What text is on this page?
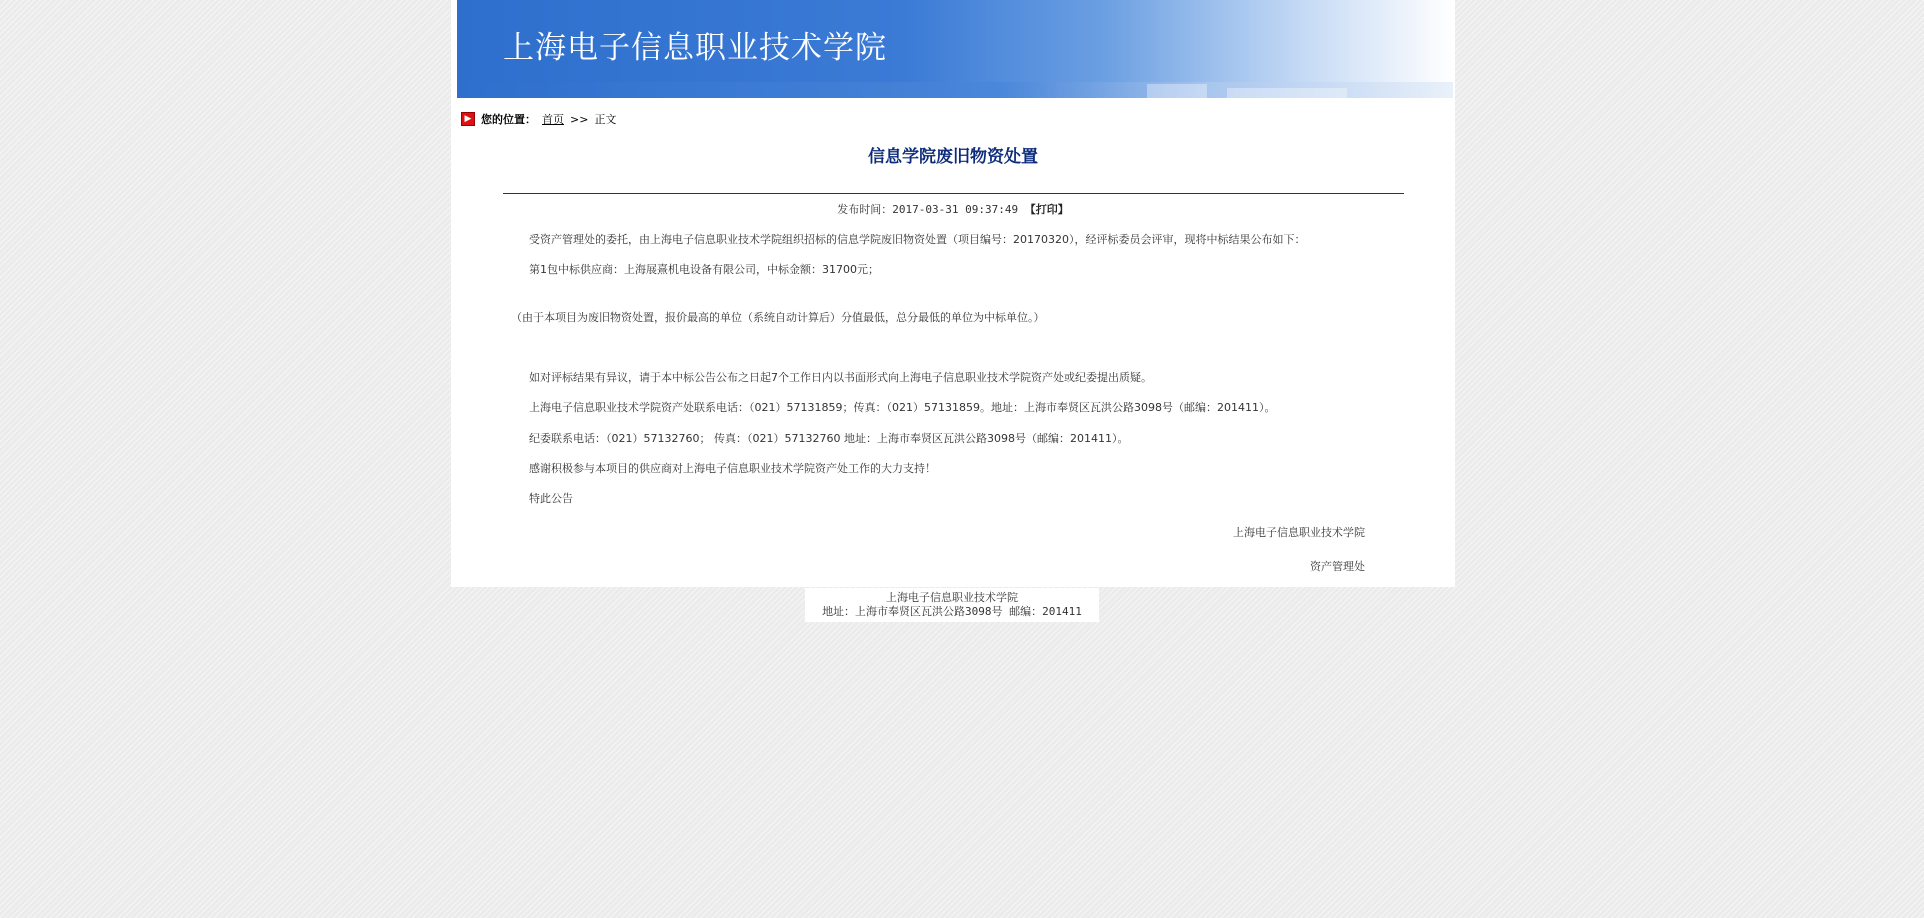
上海电子信息职业技术学院
▶ 您的位置： 首页 >> 正文
信息学院废旧物资处置
发布时间：2017-03-31 09:37:49 【打印】
受资产管理处的委托，由上海电子信息职业技术学院组织招标的信息学院废旧物资处置（项目编号：20170320），经评标委员会评审，现将中标结果公布如下：
第1包中标供应商：上海展熹机电设备有限公司，中标金额：31700元；
（由于本项目为废旧物资处置，报价最高的单位（系统自动计算后）分值最低，总分最低的单位为中标单位。）
如对评标结果有异议，请于本中标公告公布之日起7个工作日内以书面形式向上海电子信息职业技术学院资产处或纪委提出质疑。
上海电子信息职业技术学院资产处联系电话：（021）57131859；传真：（021）57131859。地址：上海市奉贤区瓦洪公路3098号（邮编：201411）。
纪委联系电话：（021）57132760； 传真：（021）57132760 地址：上海市奉贤区瓦洪公路3098号（邮编：201411）。
感谢积极参与本项目的供应商对上海电子信息职业技术学院资产处工作的大力支持！
特此公告
上海电子信息职业技术学院
资产管理处
上海电子信息职业技术学院
地址：上海市奉贤区瓦洪公路3098号 邮编：201411
